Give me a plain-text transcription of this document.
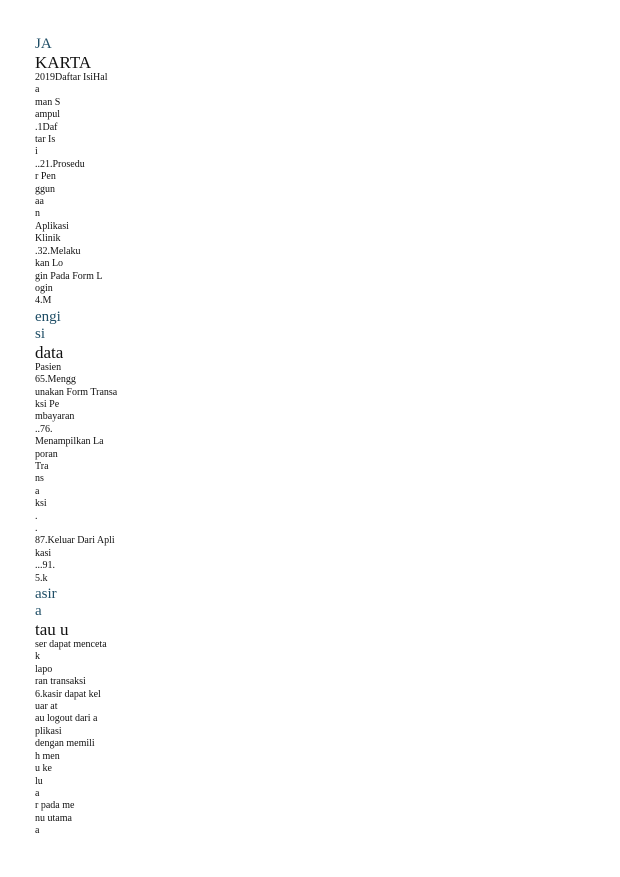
JA
KARTA
2019Daftar IsiHal
a
man S
ampul
.1Daf
tar Is
i
..21.Prosedu
r Pen
ggun
aa
n
Aplikasi
Klinik
.32.Melaku
kan Lo
gin Pada Form L
ogin
4.M
engi
si
data
Pasien
65.Mengg
unakan Form Transa
ksi Pe
mbayaran
..76.
Menampilkan La
poran
Tra
ns
a
ksi
.
.
87.Keluar Dari Apli
kasi
...91.
5.k
asir
a
tau u
ser dapat menceta
k
lapo
ran transaksi
6.kasir dapat kel
uar at
au logout dari a
plikasi
dengan memili
h men
u ke
lu
a
r pada me
nu utama
a
